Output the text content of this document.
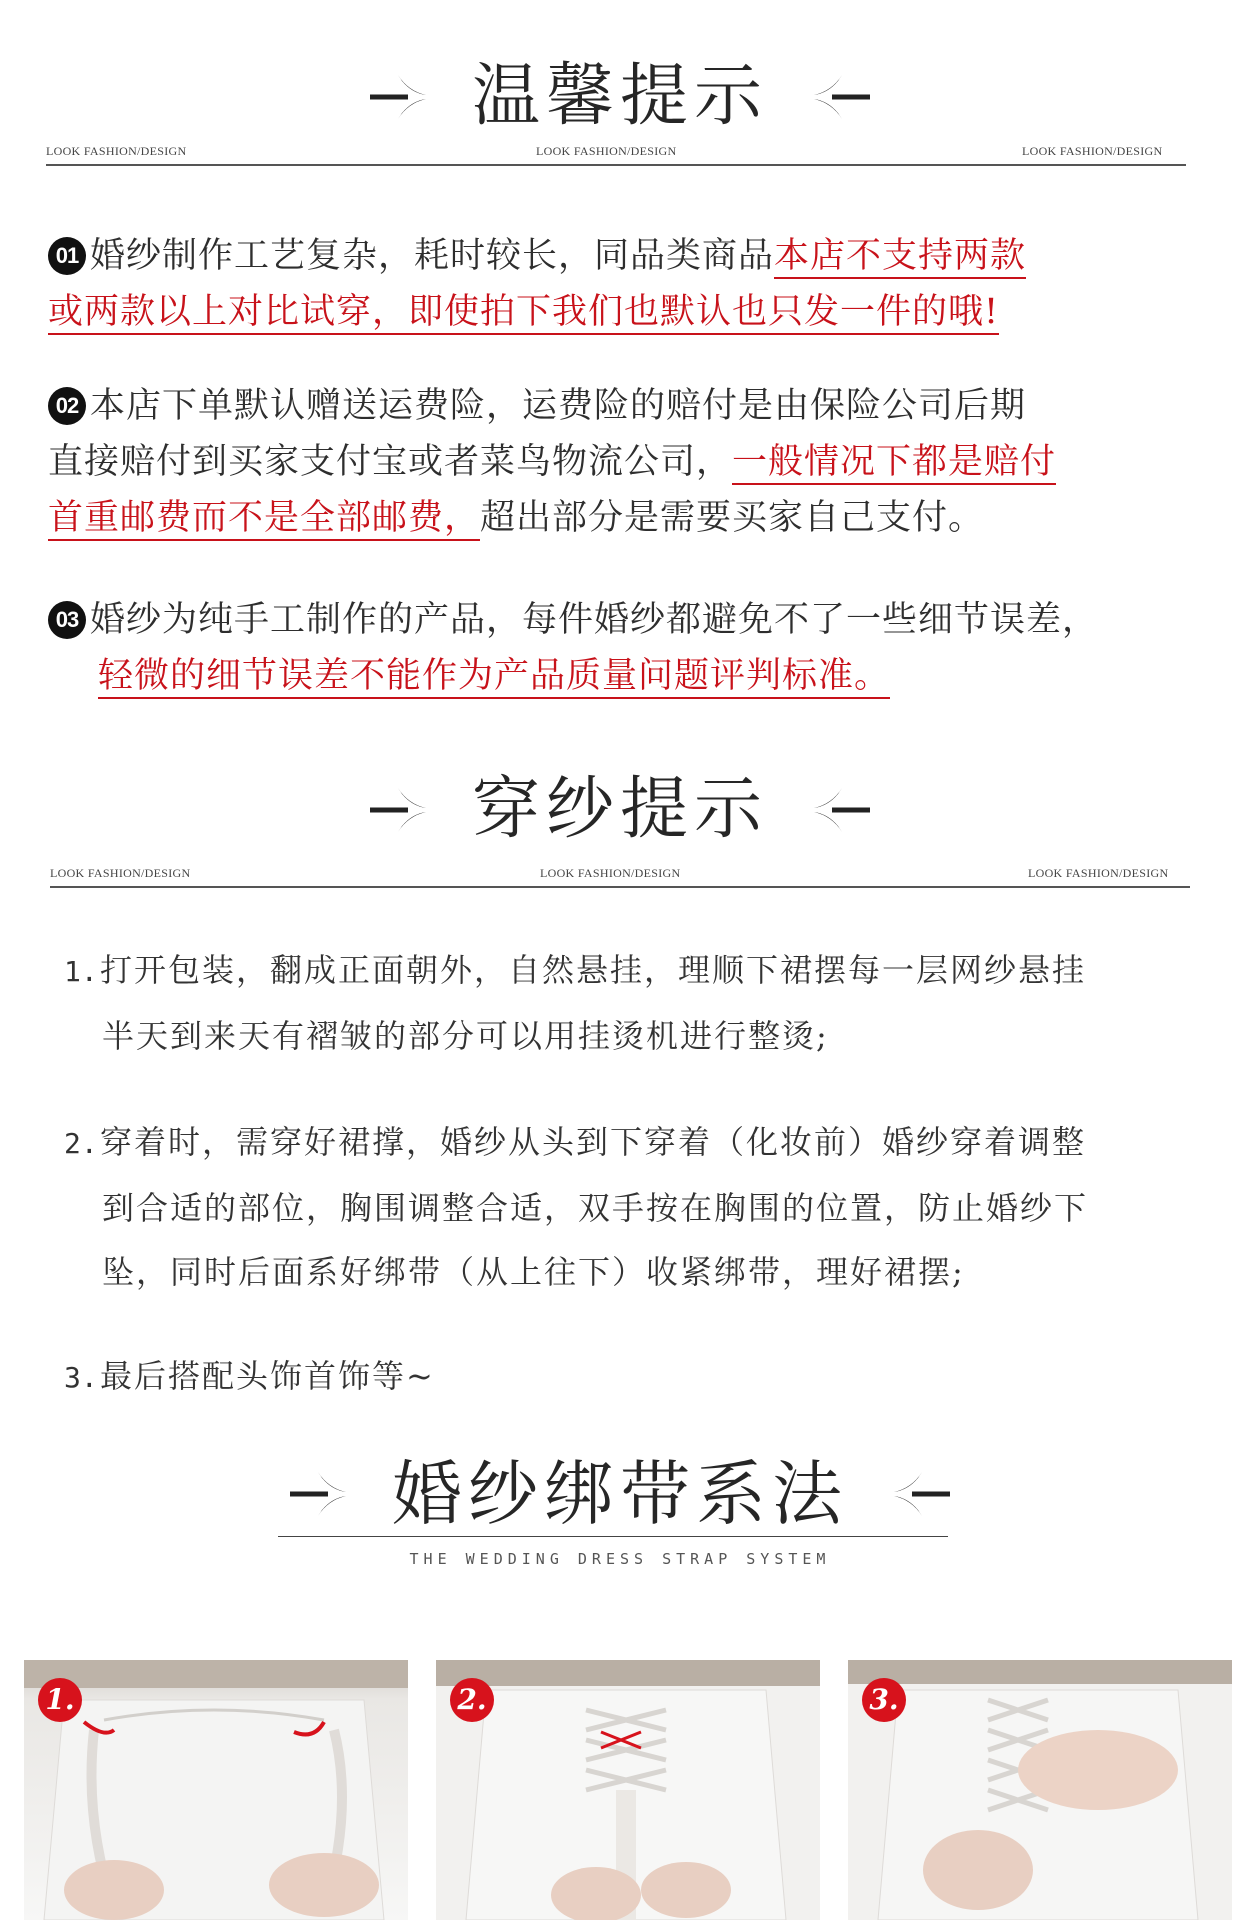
温馨提示
LOOK FASHION/DESIGN	LOOK FASHION/DESIGN	LOOK FASHION/DESIGN
01 婚纱制作工艺复杂，耗时较长，同品类商品本店不支持两款
或两款以上对比试穿，即使拍下我们也默认也只发一件的哦!
02 本店下单默认赠送运费险，运费险的赔付是由保险公司后期
直接赔付到买家支付宝或者菜鸟物流公司，一般情况下都是赔付
首重邮费而不是全部邮费，超出部分是需要买家自己支付。
03 婚纱为纯手工制作的产品，每件婚纱都避免不了一些细节误差，
轻微的细节误差不能作为产品质量问题评判标准。
穿纱提示
LOOK FASHION/DESIGN	LOOK FASHION/DESIGN	LOOK FASHION/DESIGN
1.打开包装，翻成正面朝外，自然悬挂，理顺下裙摆每一层网纱悬挂
半天到来天有褶皱的部分可以用挂烫机进行整烫;
2.穿着时，需穿好裙撑，婚纱从头到下穿着（化妆前）婚纱穿着调整
到合适的部位，胸围调整合适，双手按在胸围的位置，防止婚纱下
坠，同时后面系好绑带（从上往下）收紧绑带，理好裙摆;
3.最后搭配头饰首饰等~
婚纱绑带系法
THE WEDDING DRESS STRAP SYSTEM
1.	2.	3.
